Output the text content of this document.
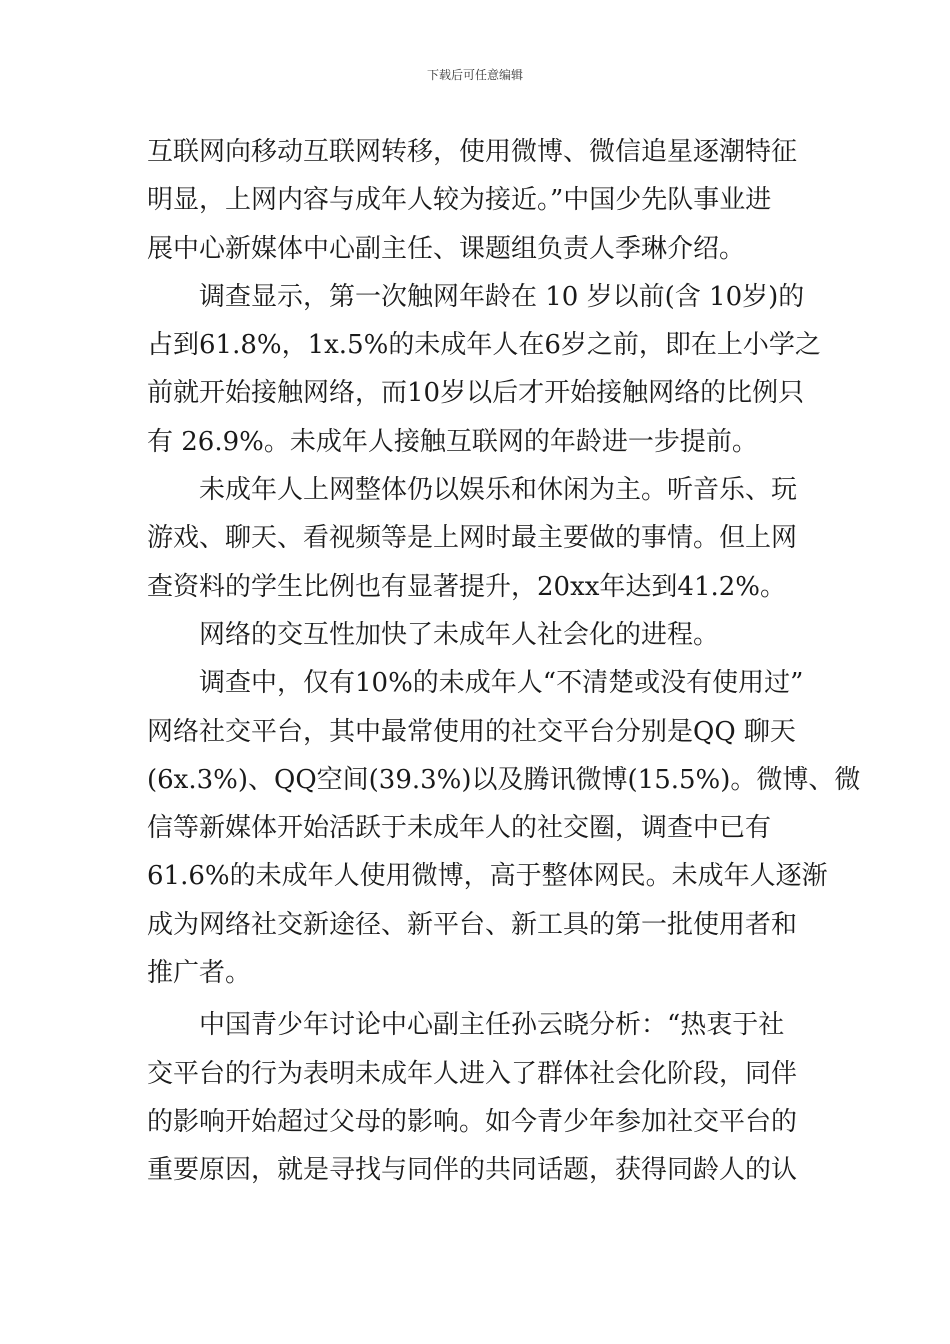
下载后可任意编辑
互联网向移动互联网转移，使用微博、微信追星逐潮特征
明显，上网内容与成年人较为接近。”中国少先队事业进
展中心新媒体中心副主任、课题组负责人季琳介绍。
调查显示，第一次触网年龄在 10 岁以前(含 10岁)的
占到61.8%，1x.5%的未成年人在6岁之前，即在上小学之
前就开始接触网络，而10岁以后才开始接触网络的比例只
有 26.9%。未成年人接触互联网的年龄进一步提前。
未成年人上网整体仍以娱乐和休闲为主。听音乐、玩
游戏、聊天、看视频等是上网时最主要做的事情。但上网
查资料的学生比例也有显著提升，20xx年达到41.2%。
网络的交互性加快了未成年人社会化的进程。
调查中，仅有10%的未成年人“不清楚或没有使用过”
网络社交平台，其中最常使用的社交平台分别是QQ 聊天
(6x.3%)、QQ空间(39.3%)以及腾讯微博(15.5%)。微博、微
信等新媒体开始活跃于未成年人的社交圈，调查中已有
61.6%的未成年人使用微博，高于整体网民。未成年人逐渐
成为网络社交新途径、新平台、新工具的第一批使用者和
推广者。
中国青少年讨论中心副主任孙云晓分析：“热衷于社
交平台的行为表明未成年人进入了群体社会化阶段，同伴
的影响开始超过父母的影响。如今青少年参加社交平台的
重要原因，就是寻找与同伴的共同话题，获得同龄人的认
